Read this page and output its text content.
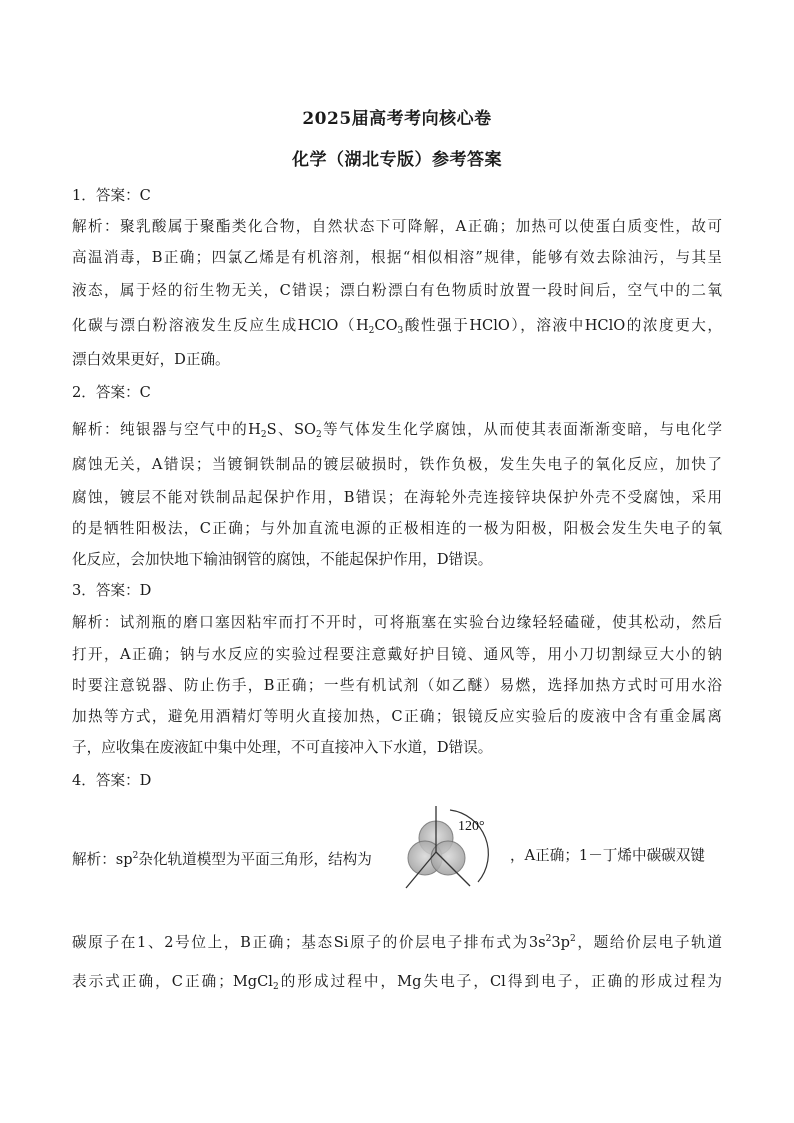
2025届高考考向核心卷
化学（湖北专版）参考答案
1．答案：C
解析：聚乳酸属于聚酯类化合物，自然状态下可降解，A正确；加热可以使蛋白质变性，故可
高温消毒，B正确；四氯乙烯是有机溶剂，根据“相似相溶”规律，能够有效去除油污，与其呈
液态，属于烃的衍生物无关，C错误；漂白粉漂白有色物质时放置一段时间后，空气中的二氧
化碳与漂白粉溶液发生反应生成$HClO(H_2CO_3$酸性强于HClO），溶液中HClO的浓度更大，
漂白效果更好，D正确。
2．答案：C
解析：纯银器与空气中的$H_2S$、$SO_2$等气体发生化学腐蚀，从而使其表面渐渐变暗，与电化学
腐蚀无关，A错误；当镀铜铁制品的镀层破损时，铁作负极，发生失电子的氧化反应，加快了
腐蚀，镀层不能对铁制品起保护作用，B错误；在海轮外壳连接锌块保护外壳不受腐蚀，采用
的是牺牲阳极法，C正确；与外加直流电源的正极相连的一极为阳极，阳极会发生失电子的氧
化反应，会加快地下输油钢管的腐蚀，不能起保护作用，D错误。
3．答案：D
解析：试剂瓶的磨口塞因粘牢而打不开时，可将瓶塞在实验台边缘轻轻磕碰，使其松动，然后
打开，A正确；钠与水反应的实验过程要注意戴好护目镜、通风等，用小刀切割绿豆大小的钠
时要注意锐器、防止伤手，B正确；一些有机试剂（如乙醚）易燃，选择加热方式时可用水浴
加热等方式，避免用酒精灯等明火直接加热，C正确；银镜反应实验后的废液中含有重金属离
子，应收集在废液缸中集中处理，不可直接冲入下水道，D错误。
4．答案：D
解析：$sp^2$杂化轨道模型为平面三角形，结构为
120°
，A正确；1－丁烯中碳碳双键
碳原子在1、2号位上，B正确；基态Si原子的价层电子排布式为$3s^23p^2$，题给价层电子轨道
表示式正确，C正确；MgCl$_2$的形成过程中，Mg失电子，Cl得到电子，正确的形成过程为
